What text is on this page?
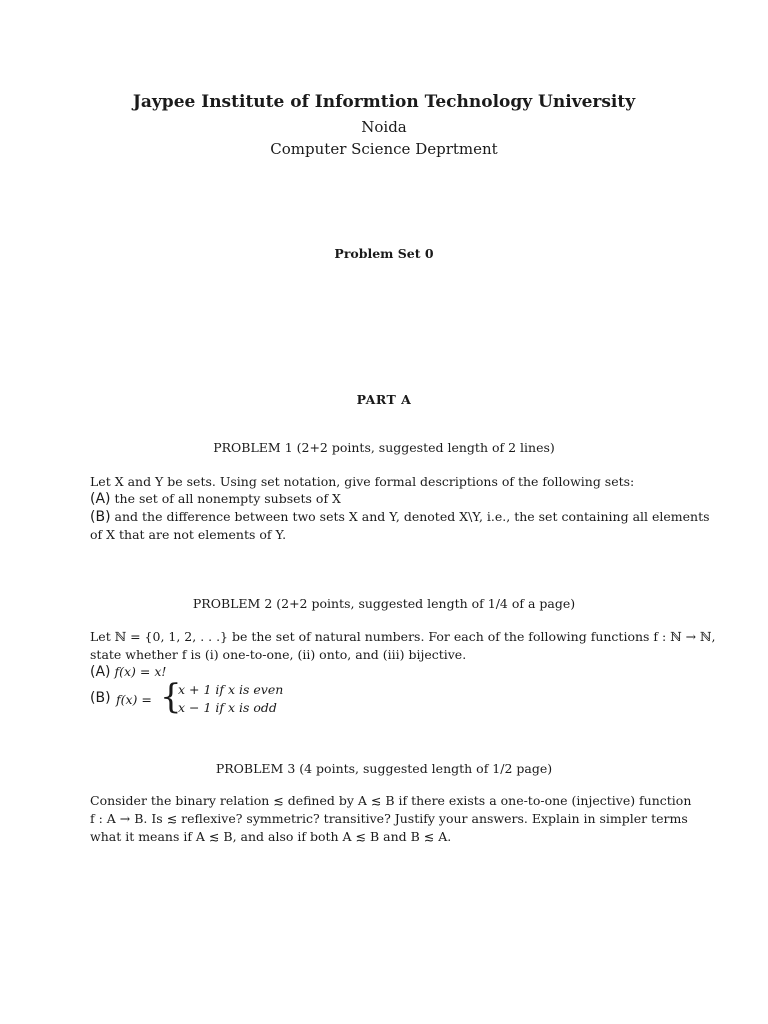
Jaypee Institute of Informtion Technology University
Noida
Computer Science Deprtment
Problem Set 0
PART A
PROBLEM 1 (2+2 points, suggested length of 2 lines)
Let X and Y be sets. Using set notation, give formal descriptions of the following sets:
(A) the set of all nonempty subsets of X
(B) and the difference between two sets X and Y, denoted X\Y, i.e., the set containing all elements
of X that are not elements of Y.
PROBLEM 2 (2+2 points, suggested length of 1/4 of a page)
Let ℕ = {0, 1, 2, . . .} be the set of natural numbers. For each of the following functions f : ℕ → ℕ,
state whether f is (i) one-to-one, (ii) onto, and (iii) bijective.
(A) f(x) = x!
(B) f(x) = {
x + 1 if x is even
x − 1 if x is odd
PROBLEM 3 (4 points, suggested length of 1/2 page)
Consider the binary relation ≲ defined by A ≲ B if there exists a one-to-one (injective) function
f : A → B. Is ≲ reflexive? symmetric? transitive? Justify your answers. Explain in simpler terms
what it means if A ≲ B, and also if both A ≲ B and B ≲ A.
